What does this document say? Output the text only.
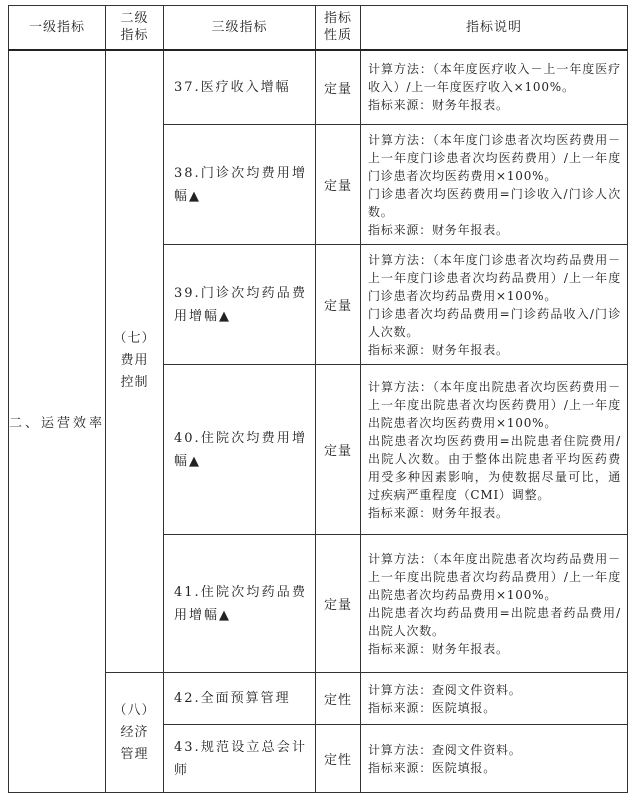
一级指标	二级指标	三级指标	指标性质	指标说明
二、运营效率	（七）
费用
控制	37.医疗收入增幅	定量	计算方法：（本年度医疗收入－上一年度医疗收入）/上一年度医疗收入×100%。
指标来源：财务年报表。

		38.门诊次均费用增幅▲	定量	计算方法：（本年度门诊患者次均医药费用－上一年度门诊患者次均医药费用）/上一年度门诊患者次均医药费用×100%。
门诊患者次均医药费用=门诊收入/门诊人次数。
指标来源：财务年报表。

		39.门诊次均药品费用增幅▲	定量	计算方法：（本年度门诊患者次均药品费用－上一年度门诊患者次均药品费用）/上一年度门诊患者次均药品费用×100%。
门诊患者次均药品费用=门诊药品收入/门诊人次数。
指标来源：财务年报表。

		40.住院次均费用增幅▲	定量	计算方法：（本年度出院患者次均医药费用－上一年度出院患者次均医药费用）/上一年度出院患者次均医药费用×100%。
出院患者次均医药费用=出院患者住院费用/出院人次数。由于整体出院患者平均医药费用受多种因素影响，为使数据尽量可比，通过疾病严重程度（CMI）调整。
指标来源：财务年报表。

		41.住院次均药品费用增幅▲	定量	计算方法：（本年度出院患者次均药品费用－上一年度出院患者次均药品费用）/上一年度出院患者次均药品费用×100%。
出院患者次均药品费用=出院患者药品费用/出院人次数。
指标来源：财务年报表。

	（八）
经济
管理	42.全面预算管理	定性	计算方法：查阅文件资料。
指标来源：医院填报。

		43.规范设立总会计师	定性	计算方法：查阅文件资料。
指标来源：医院填报。
